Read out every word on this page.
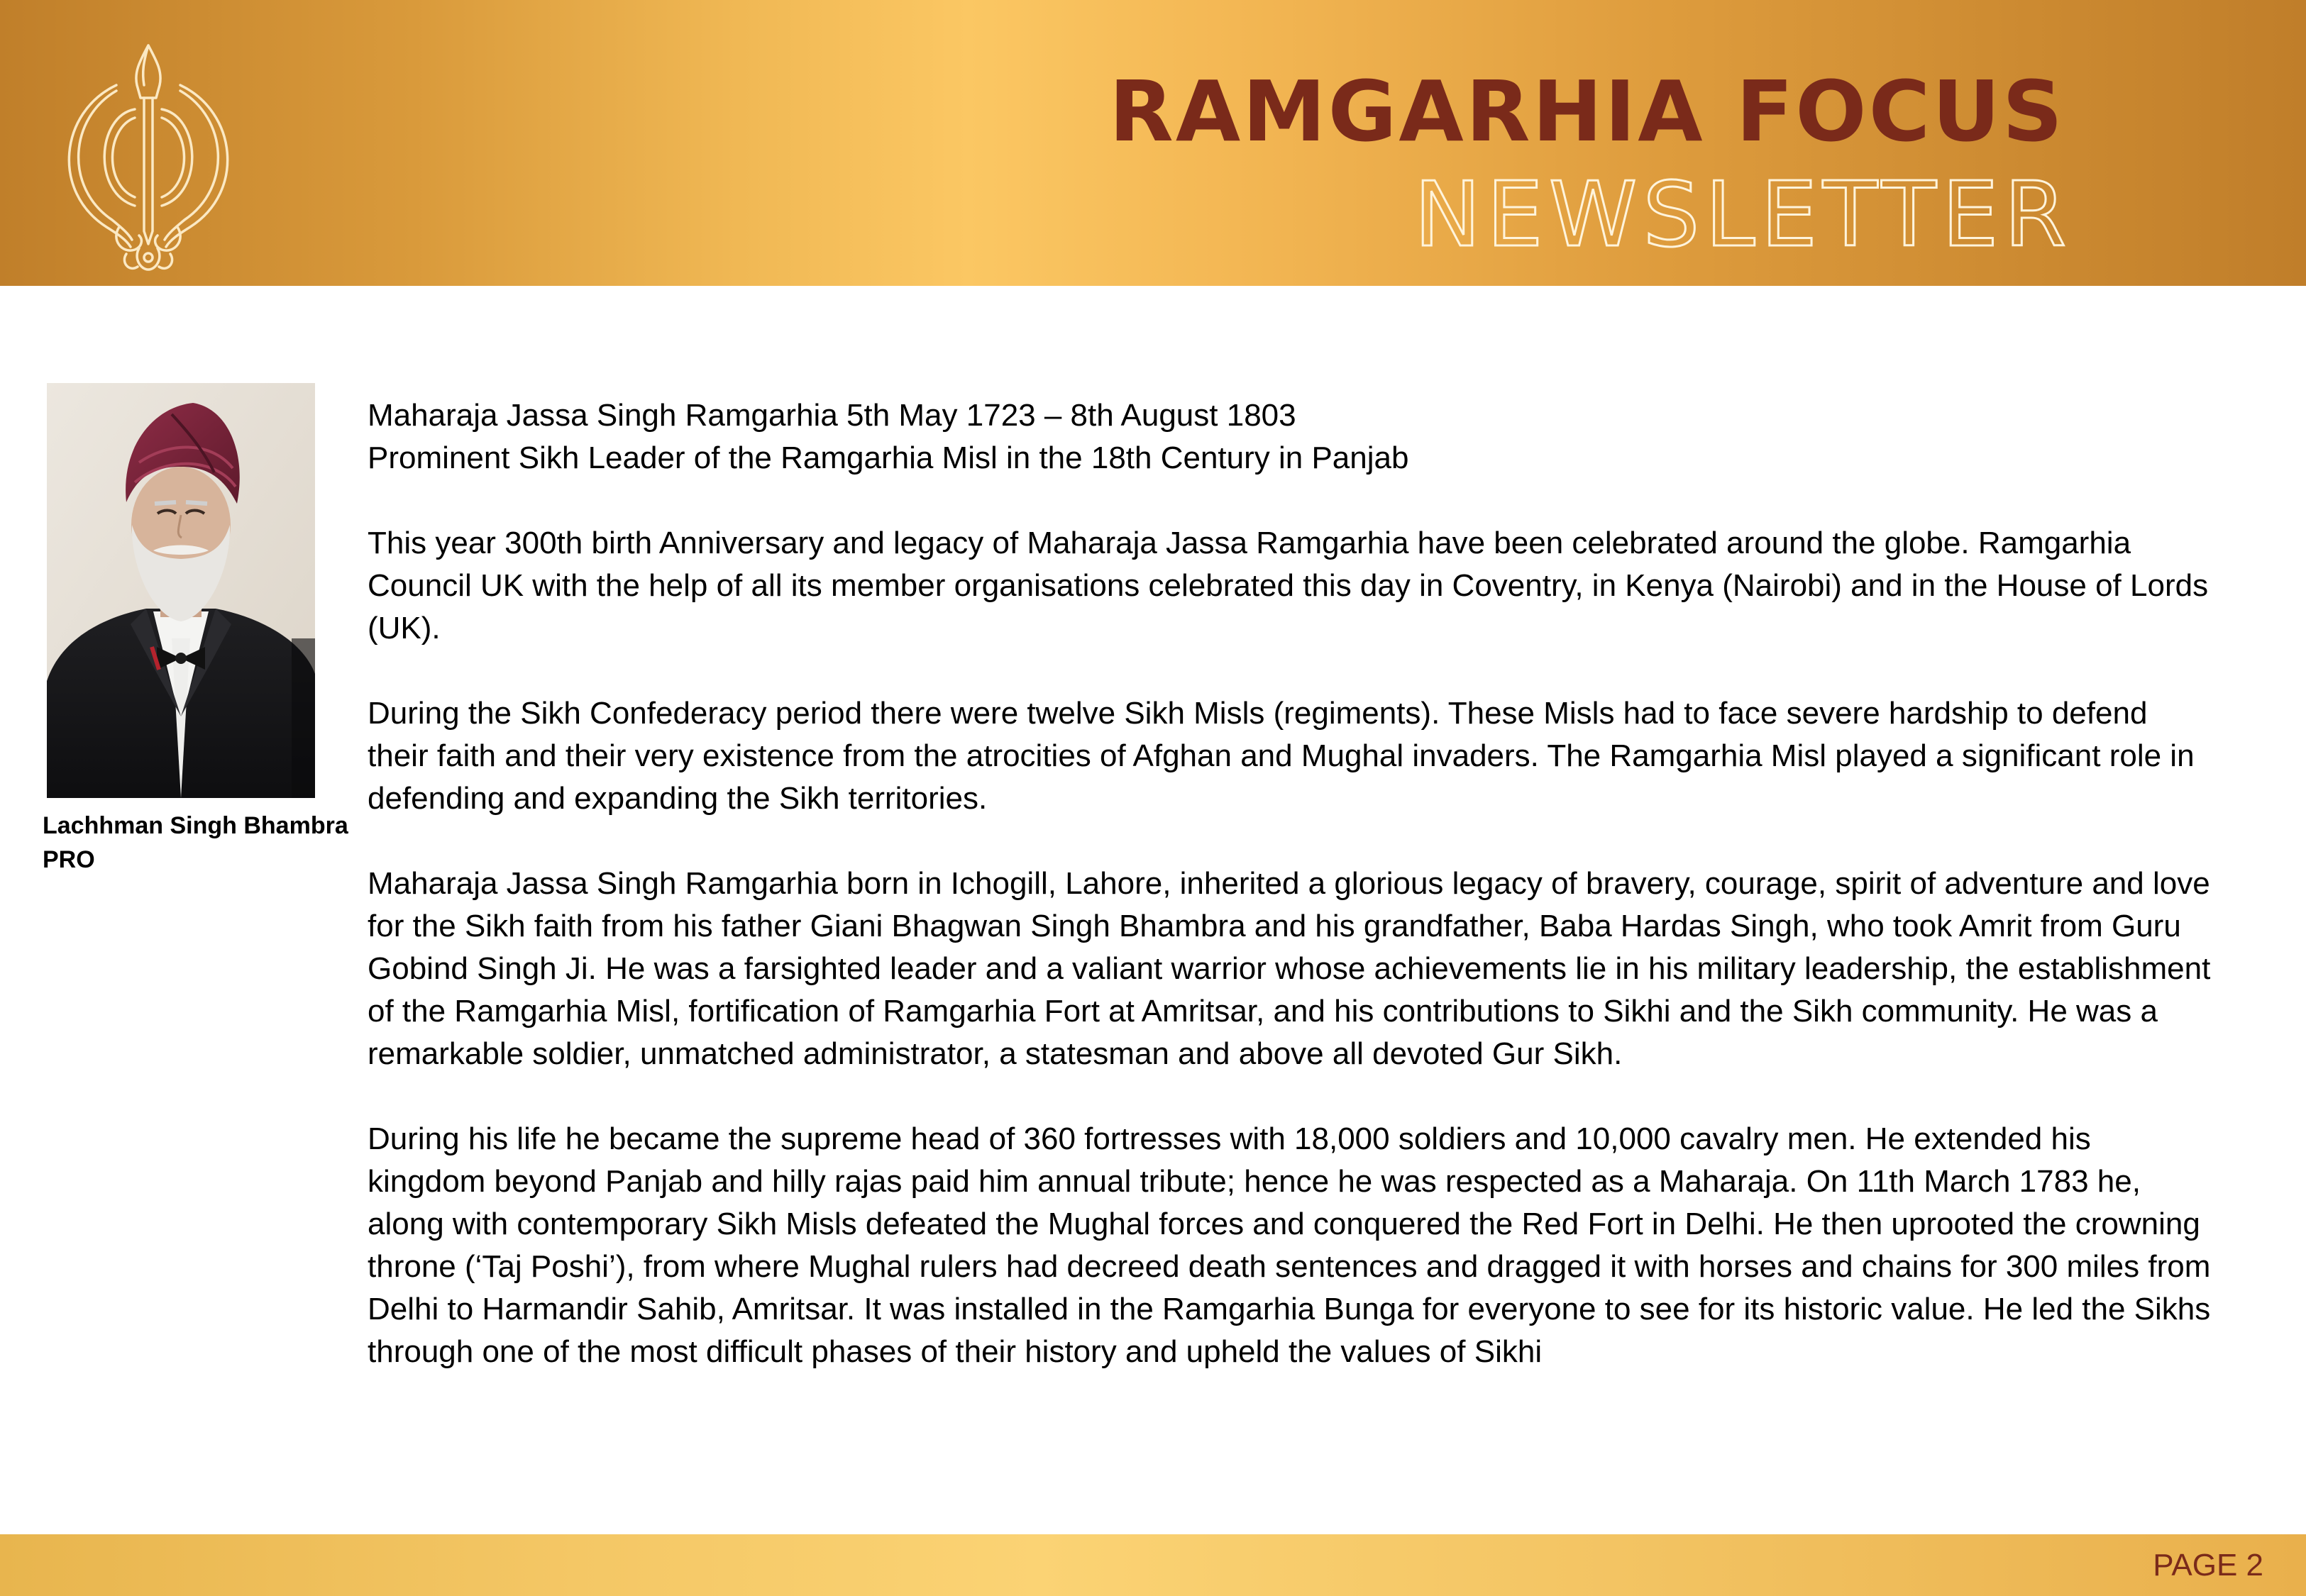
RAMGARHIA FOCUS
NEWSLETTER
Lachhman Singh Bhambra
PRO

Maharaja Jassa Singh Ramgarhia 5th May 1723 – 8th August 1803
Prominent Sikh Leader of the Ramgarhia Misl in the 18th Century in Panjab

This year 300th birth Anniversary and legacy of Maharaja Jassa Ramgarhia have been celebrated around the globe. Ramgarhia Council UK with the help of all its member organisations celebrated this day in Coventry, in Kenya (Nairobi) and in the House of Lords (UK).

During the Sikh Confederacy period there were twelve Sikh Misls (regiments). These Misls had to face severe hardship to defend their faith and their very existence from the atrocities of Afghan and Mughal invaders. The Ramgarhia Misl played a significant role in defending and expanding the Sikh territories.

Maharaja Jassa Singh Ramgarhia born in Ichogill, Lahore, inherited a glorious legacy of bravery, courage, spirit of adventure and love for the Sikh faith from his father Giani Bhagwan Singh Bhambra and his grandfather, Baba Hardas Singh, who took Amrit from Guru Gobind Singh Ji. He was a farsighted leader and a valiant warrior whose achievements lie in his military leadership, the establishment of the Ramgarhia Misl, fortification of Ramgarhia Fort at Amritsar, and his contributions to Sikhi and the Sikh community. He was a remarkable soldier, unmatched administrator, a statesman and above all devoted Gur Sikh.

During his life he became the supreme head of 360 fortresses with 18,000 soldiers and 10,000 cavalry men. He extended his kingdom beyond Panjab and hilly rajas paid him annual tribute; hence he was respected as a Maharaja. On 11th March 1783 he, along with contemporary Sikh Misls defeated the Mughal forces and conquered the Red Fort in Delhi. He then uprooted the crowning throne (‘Taj Poshi’), from where Mughal rulers had decreed death sentences and dragged it with horses and chains for 300 miles from Delhi to Harmandir Sahib, Amritsar. It was installed in the Ramgarhia Bunga for everyone to see for its historic value. He led the Sikhs through one of the most difficult phases of their history and upheld the values of Sikhi

PAGE 2
